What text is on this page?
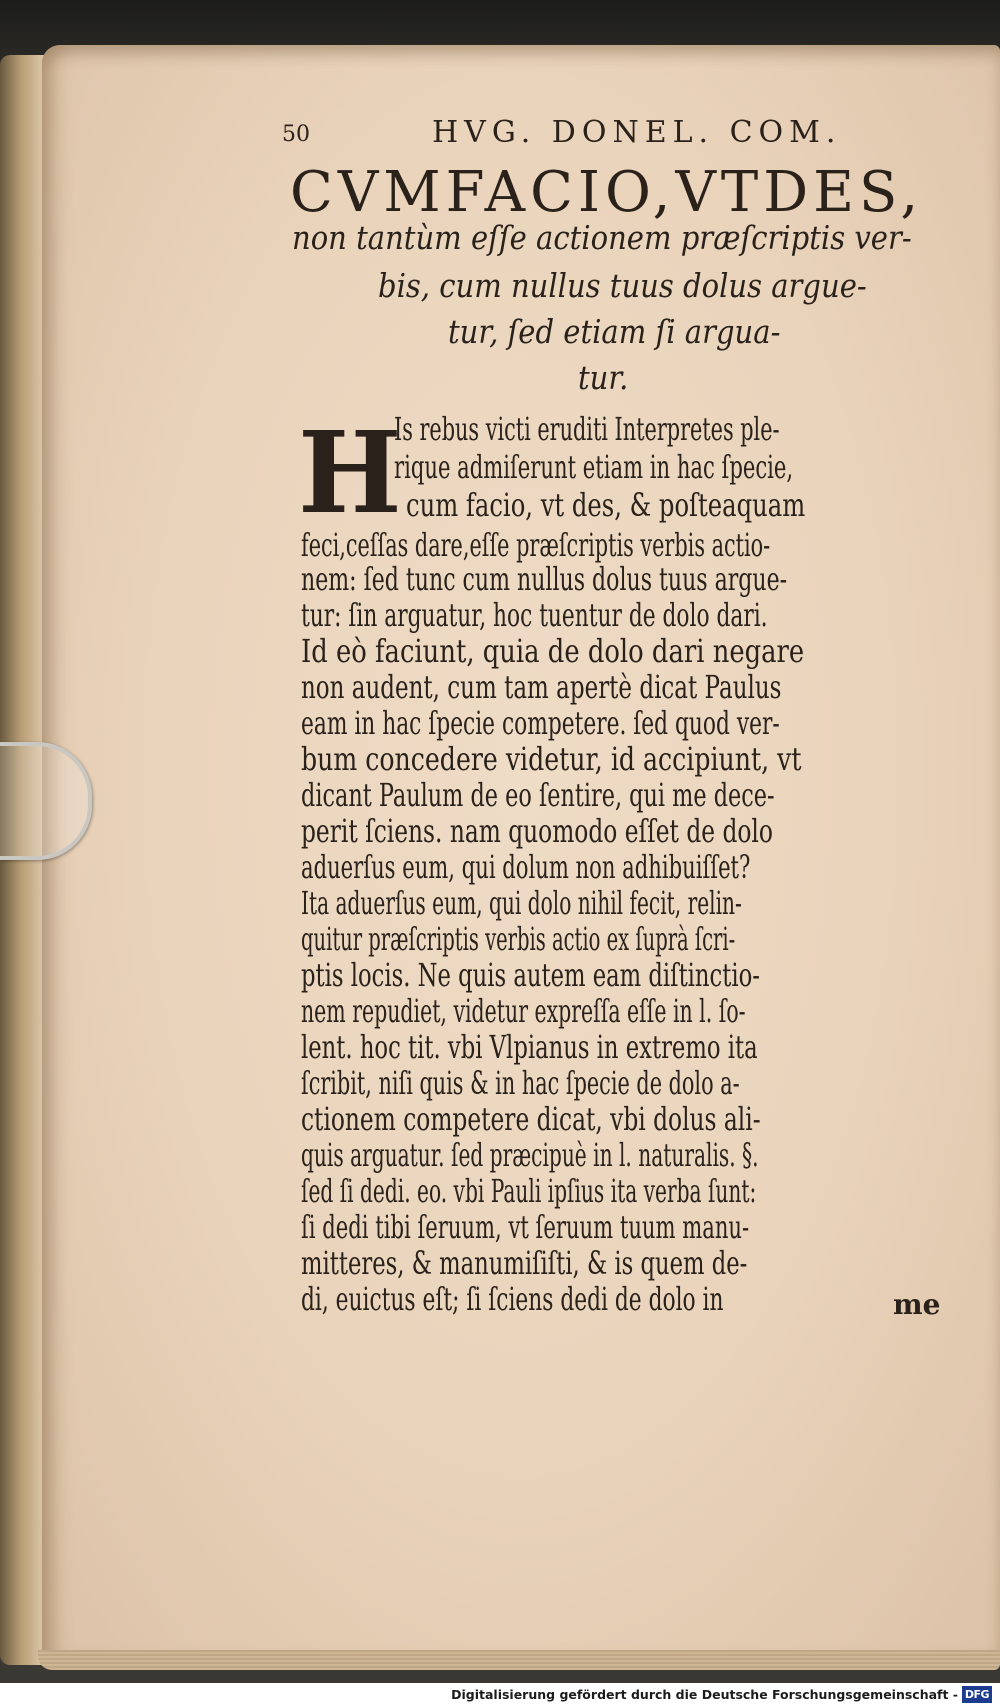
50	HVG. DONEL. COM.
CVM FACIO, VT DES,
non tantùm eſſe actionem præſcriptis ver-
bis, cum nullus tuus dolus argue-
tur, ſed etiam ſi argua-
tur.
H
Is rebus victi eruditi Interpretes ple-
rique admiſerunt etiam in hac ſpecie,
cum facio, vt des, & poſteaquam
feci,ceſſas dare,eſſe præſcriptis verbis actio-
nem: ſed tunc cum nullus dolus tuus argue-
tur: ſin arguatur, hoc tuentur de dolo dari.
Id eò faciunt, quia de dolo dari negare
non audent, cum tam apertè dicat Paulus
eam in hac ſpecie competere. ſed quod ver-
bum concedere videtur, id accipiunt, vt
dicant Paulum de eo ſentire, qui me dece-
perit ſciens. nam quomodo eſſet de dolo
aduerſus eum, qui dolum non adhibuiſſet?
Ita aduerſus eum, qui dolo nihil fecit, relin-
quitur præſcriptis verbis actio ex ſuprà ſcri-
ptis locis. Ne quis autem eam diſtinctio-
nem repudiet, videtur expreſſa eſſe in l. ſo-
lent. hoc tit. vbi Vlpianus in extremo ita
ſcribit, niſi quis & in hac ſpecie de dolo a-
ctionem competere dicat, vbi dolus ali-
quis arguatur. ſed præcipuè in l. naturalis. §.
ſed ſi dedi. eo. vbi Pauli ipſius ita verba ſunt:
ſi dedi tibi ſeruum, vt ſeruum tuum manu-
mitteres, & manumiſiſti, & is quem de-
di, euictus eſt; ſi ſciens dedi de dolo in	me
Digitalisierung gefördert durch die Deutsche Forschungsgemeinschaft - DFG
